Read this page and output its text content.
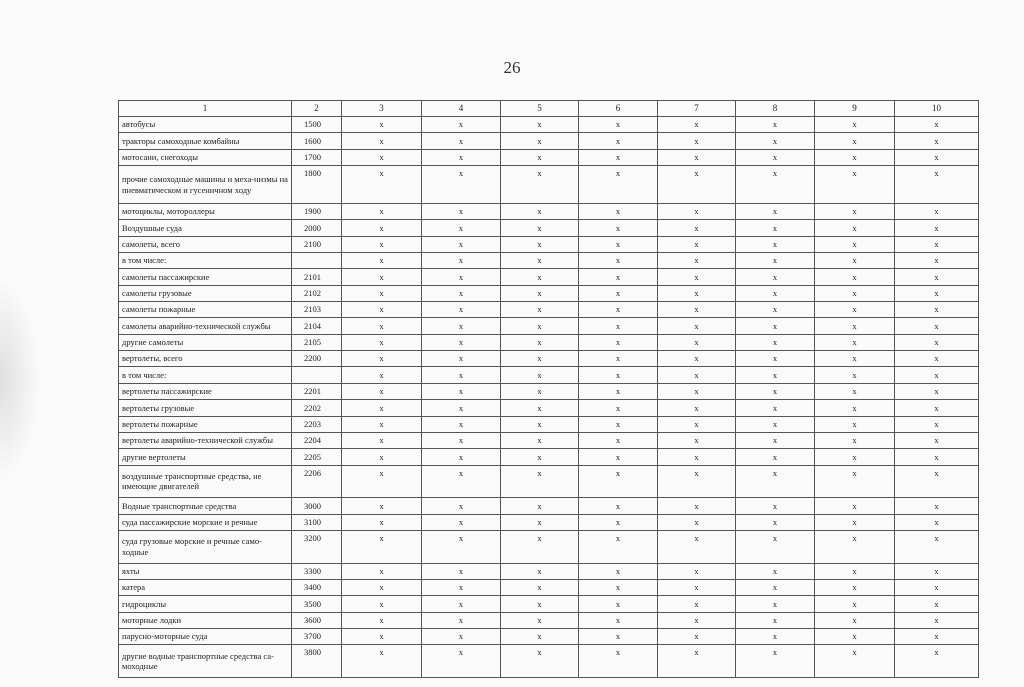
26
1	2	3	4	5	6	7	8	9	10
автобусы	1500	x	x	x	x	x	x	x	x
тракторы самоходные комбайны	1600	x	x	x	x	x	x	x	x
мотосани, снегоходы	1700	x	x	x	x	x	x	x	x
прочие самоходные машины и меха-низмы на пневматическом и гусеничном ходу	1800	x	x	x	x	x	x	x	x
мотоциклы, мотороллеры	1900	x	x	x	x	x	x	x	x
Воздушные суда	2000	x	x	x	x	x	x	x	x
самолеты, всего	2100	x	x	x	x	x	x	x	x
в том числе:		x	x	x	x	x	x	x	x
самолеты пассажирские	2101	x	x	x	x	x	x	x	x
самолеты грузовые	2102	x	x	x	x	x	x	x	x
самолеты пожарные	2103	x	x	x	x	x	x	x	x
самолеты аварийно-технической службы	2104	x	x	x	x	x	x	x	x
другие самолеты	2105	x	x	x	x	x	x	x	x
вертолеты, всего	2200	x	x	x	x	x	x	x	x
в том числе:		x	x	x	x	x	x	x	x
вертолеты пассажирские	2201	x	x	x	x	x	x	x	x
вертолеты грузовые	2202	x	x	x	x	x	x	x	x
вертолеты пожарные	2203	x	x	x	x	x	x	x	x
вертолеты аварийно-технической службы	2204	x	x	x	x	x	x	x	x
другие вертолеты	2205	x	x	x	x	x	x	x	x
воздушные транспортные средства, не имеющие двигателей	2206	x	x	x	x	x	x	x	x
Водные транспортные средства	3000	x	x	x	x	x	x	x	x
суда пассажирские морские и речные	3100	x	x	x	x	x	x	x	x
суда грузовые морские и речные само-ходные	3200	x	x	x	x	x	x	x	x
яхты	3300	x	x	x	x	x	x	x	x
катера	3400	x	x	x	x	x	x	x	x
гидроциклы	3500	x	x	x	x	x	x	x	x
моторные лодки	3600	x	x	x	x	x	x	x	x
парусно-моторные суда	3700	x	x	x	x	x	x	x	x
другие водные транспортные средства са-моходные	3800	x	x	x	x	x	x	x	x
